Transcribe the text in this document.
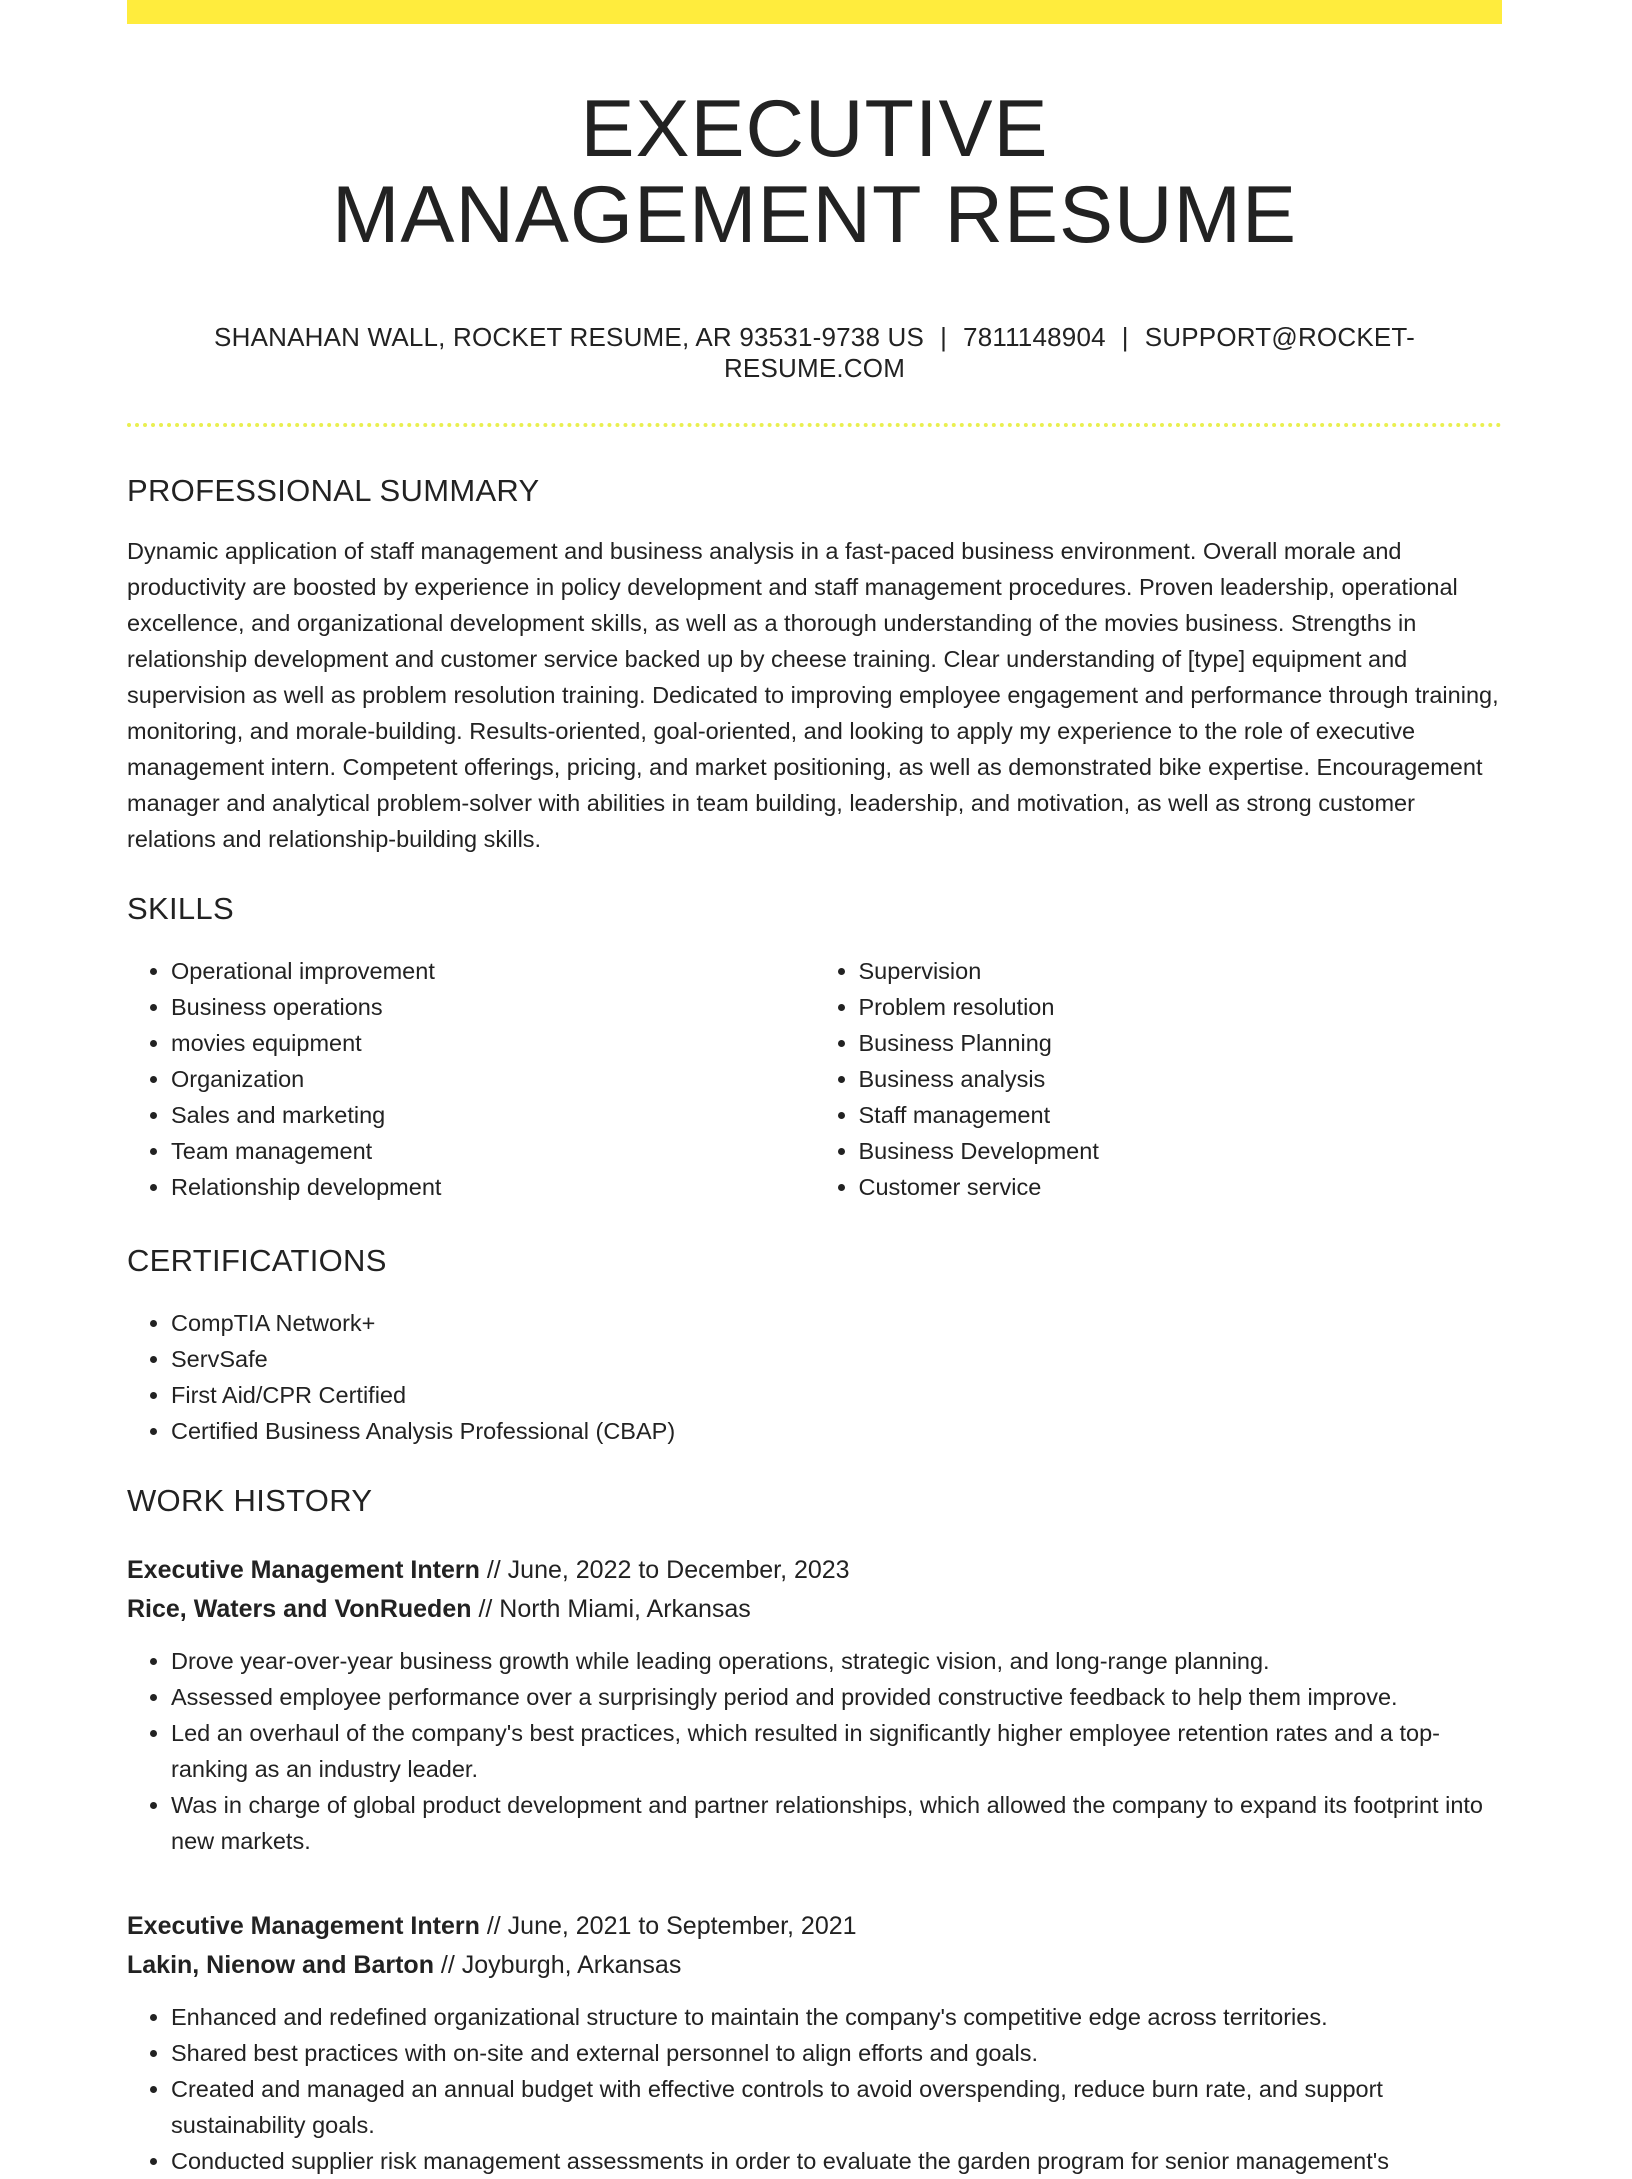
EXECUTIVE
MANAGEMENT RESUME
SHANAHAN WALL, ROCKET RESUME, AR 93531-9738 US | 7811148904 | SUPPORT@ROCKET-RESUME.COM
PROFESSIONAL SUMMARY
Dynamic application of staff management and business analysis in a fast-paced business environment. Overall morale and productivity are boosted by experience in policy development and staff management procedures. Proven leadership, operational excellence, and organizational development skills, as well as a thorough understanding of the movies business. Strengths in relationship development and customer service backed up by cheese training. Clear understanding of [type] equipment and supervision as well as problem resolution training. Dedicated to improving employee engagement and performance through training, monitoring, and morale-building. Results-oriented, goal-oriented, and looking to apply my experience to the role of executive management intern. Competent offerings, pricing, and market positioning, as well as demonstrated bike expertise. Encouragement manager and analytical problem-solver with abilities in team building, leadership, and motivation, as well as strong customer relations and relationship-building skills.
SKILLS
• Operational improvement
• Business operations
• movies equipment
• Organization
• Sales and marketing
• Team management
• Relationship development
• Supervision
• Problem resolution
• Business Planning
• Business analysis
• Staff management
• Business Development
• Customer service
CERTIFICATIONS
• CompTIA Network+
• ServSafe
• First Aid/CPR Certified
• Certified Business Analysis Professional (CBAP)
WORK HISTORY
Executive Management Intern // June, 2022 to December, 2023
Rice, Waters and VonRueden // North Miami, Arkansas
• Drove year-over-year business growth while leading operations, strategic vision, and long-range planning.
• Assessed employee performance over a surprisingly period and provided constructive feedback to help them improve.
• Led an overhaul of the company's best practices, which resulted in significantly higher employee retention rates and a top-ranking as an industry leader.
• Was in charge of global product development and partner relationships, which allowed the company to expand its footprint into new markets.
Executive Management Intern // June, 2021 to September, 2021
Lakin, Nienow and Barton // Joyburgh, Arkansas
• Enhanced and redefined organizational structure to maintain the company's competitive edge across territories.
• Shared best practices with on-site and external personnel to align efforts and goals.
• Created and managed an annual budget with effective controls to avoid overspending, reduce burn rate, and support sustainability goals.
• Conducted supplier risk management assessments in order to evaluate the garden program for senior management's
